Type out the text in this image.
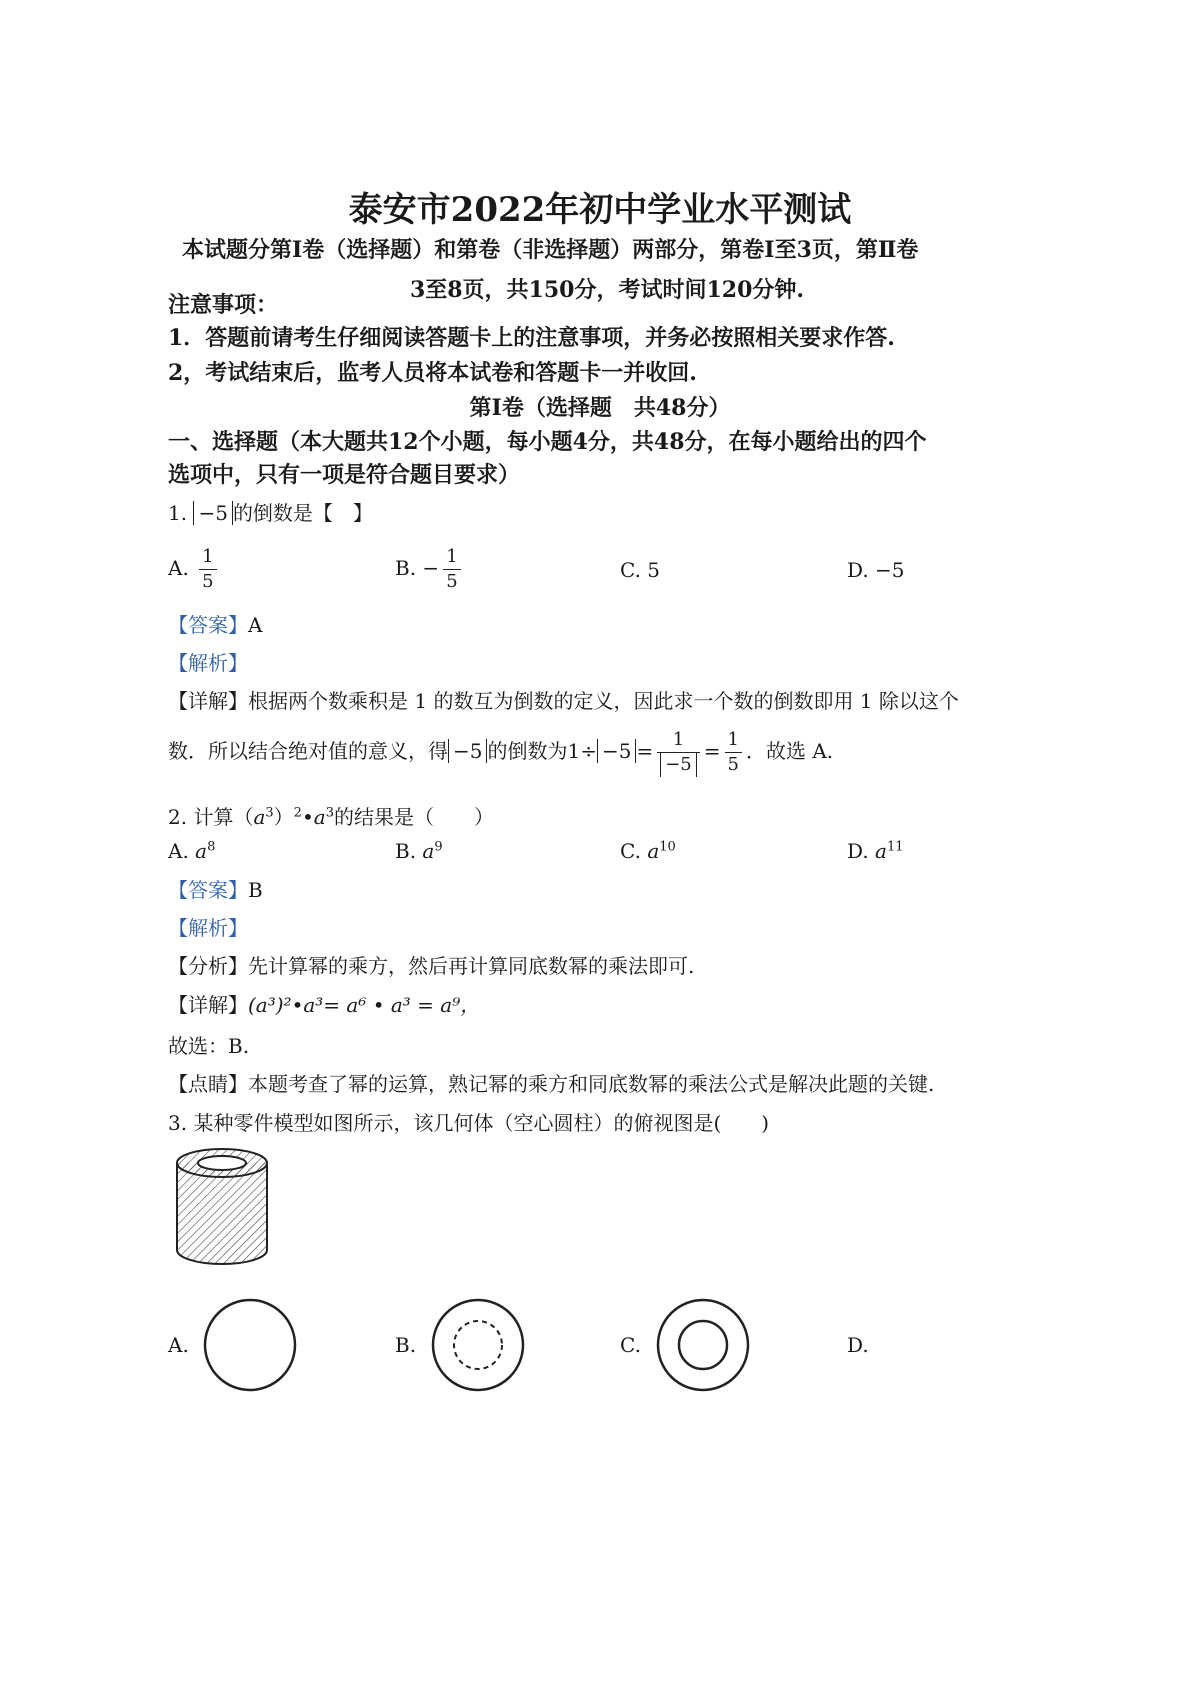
泰安市2022年初中学业水平测试
本试题分第Ⅰ卷（选择题）和第卷（非选择题）两部分，第卷Ⅰ至3页，第Ⅱ卷
3至8页，共150分，考试时间120分钟.
注意事项：
1．答题前请考生仔细阅读答题卡上的注意事项，并务必按照相关要求作答.
2，考试结束后，监考人员将本试卷和答题卡一并收回.
第Ⅰ卷（选择题　共48分）
一、选择题（本大题共12个小题，每小题4分，共48分，在每小题给出的四个
选项中，只有一项是符合题目要求）
1. −5 的倒数是【　】
A. $\frac{1}{5}$	B. − $\frac{1}{5}$	C. 5	D. −5
【答案】A
【解析】
【详解】根据两个数乘积是 1 的数互为倒数的定义，因此求一个数的倒数即用 1 除以这个
数．所以结合绝对值的意义，得 −5 的倒数为$1\div -5 = \frac{1}{-5} = \frac{1}{5}$ ．故选 A.
2. 计算$(a^3)^2•a^3$的结果是（　　）
A. $a^8$	B. $a^9$	C. $a^{10}$	D. $a^{11}$
【答案】B
【解析】
【分析】先计算幂的乘方，然后再计算同底数幂的乘法即可.
【详解】(a³)²•a³= a⁶ • a³ = a⁹，
故选：B.
【点睛】本题考查了幂的运算，熟记幂的乘方和同底数幂的乘法公式是解决此题的关键.
3. 某种零件模型如图所示，该几何体（空心圆柱）的俯视图是(　　)
A.	B.	C.	D.
